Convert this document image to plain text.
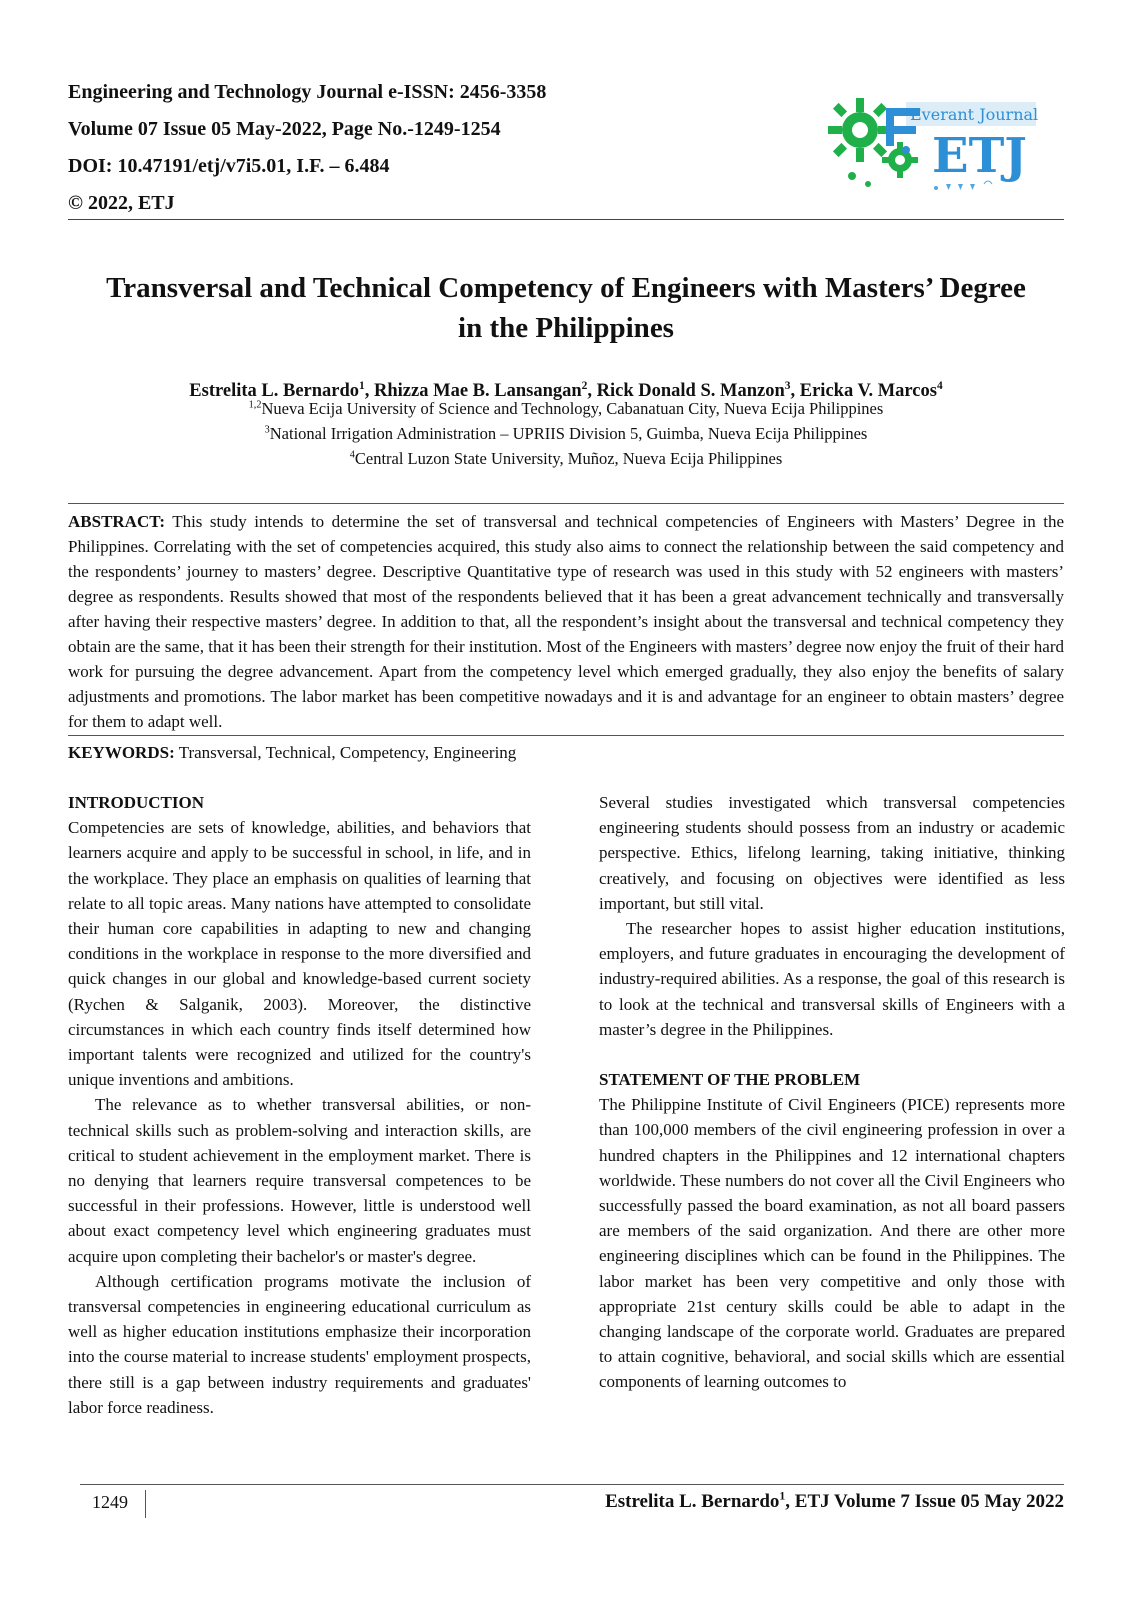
Engineering and Technology Journal e-ISSN: 2456-3358
Volume 07 Issue 05 May-2022, Page No.-1249-1254
DOI: 10.47191/etj/v7i5.01, I.F. – 6.484
© 2022, ETJ
Everant Journal
ETJ
Transversal and Technical Competency of Engineers with Masters’ Degree
in the Philippines
Estrelita L. Bernardo$^1$, Rhizza Mae B. Lansangan$^2$, Rick Donald S. Manzon$^3$, Ericka V. Marcos$^4$
$^{1,2}$Nueva Ecija University of Science and Technology, Cabanatuan City, Nueva Ecija Philippines
$^3$National Irrigation Administration – UPRIIS Division 5, Guimba, Nueva Ecija Philippines
$^4$Central Luzon State University, Muñoz, Nueva Ecija Philippines
ABSTRACT: This study intends to determine the set of transversal and technical competencies of Engineers with Masters’ Degree in the Philippines. Correlating with the set of competencies acquired, this study also aims to connect the relationship between the said competency and the respondents’ journey to masters’ degree. Descriptive Quantitative type of research was used in this study with 52 engineers with masters’ degree as respondents. Results showed that most of the respondents believed that it has been a great advancement technically and transversally after having their respective masters’ degree. In addition to that, all the respondent’s insight about the transversal and technical competency they obtain are the same, that it has been their strength for their institution. Most of the Engineers with masters’ degree now enjoy the fruit of their hard work for pursuing the degree advancement. Apart from the competency level which emerged gradually, they also enjoy the benefits of salary adjustments and promotions. The labor market has been competitive nowadays and it is and advantage for an engineer to obtain masters’ degree for them to adapt well.
KEYWORDS: Transversal, Technical, Competency, Engineering

INTRODUCTION

Competencies are sets of knowledge, abilities, and behaviors that learners acquire and apply to be successful in school, in life, and in the workplace. They place an emphasis on qualities of learning that relate to all topic areas. Many nations have attempted to consolidate their human core capabilities in adapting to new and changing conditions in the workplace in response to the more diversified and quick changes in our global and knowledge-based current society (Rychen & Salganik, 2003). Moreover, the distinctive circumstances in which each country finds itself determined how important talents were recognized and utilized for the country's unique inventions and ambitions.

The relevance as to whether transversal abilities, or non-technical skills such as problem-solving and interaction skills, are critical to student achievement in the employment market. There is no denying that learners require transversal competences to be successful in their professions. However, little is understood well about exact competency level which engineering graduates must acquire upon completing their bachelor's or master's degree.

Although certification programs motivate the inclusion of transversal competencies in engineering educational curriculum as well as higher education institutions emphasize their incorporation into the course material to increase students' employment prospects, there still is a gap between industry requirements and graduates' labor force readiness.

Several studies investigated which transversal competencies engineering students should possess from an industry or academic perspective. Ethics, lifelong learning, taking initiative, thinking creatively, and focusing on objectives were identified as less important, but still vital.

The researcher hopes to assist higher education institutions, employers, and future graduates in encouraging the development of industry-required abilities. As a response, the goal of this research is to look at the technical and transversal skills of Engineers with a master’s degree in the Philippines.

STATEMENT OF THE PROBLEM

The Philippine Institute of Civil Engineers (PICE) represents more than 100,000 members of the civil engineering profession in over a hundred chapters in the Philippines and 12 international chapters worldwide. These numbers do not cover all the Civil Engineers who successfully passed the board examination, as not all board passers are members of the said organization. And there are other more engineering disciplines which can be found in the Philippines. The labor market has been very competitive and only those with appropriate 21st century skills could be able to adapt in the changing landscape of the corporate world. Graduates are prepared to attain cognitive, behavioral, and social skills which are essential components of learning outcomes to

1249	Estrelita L. Bernardo$^1$, ETJ Volume 7 Issue 05 May 2022
